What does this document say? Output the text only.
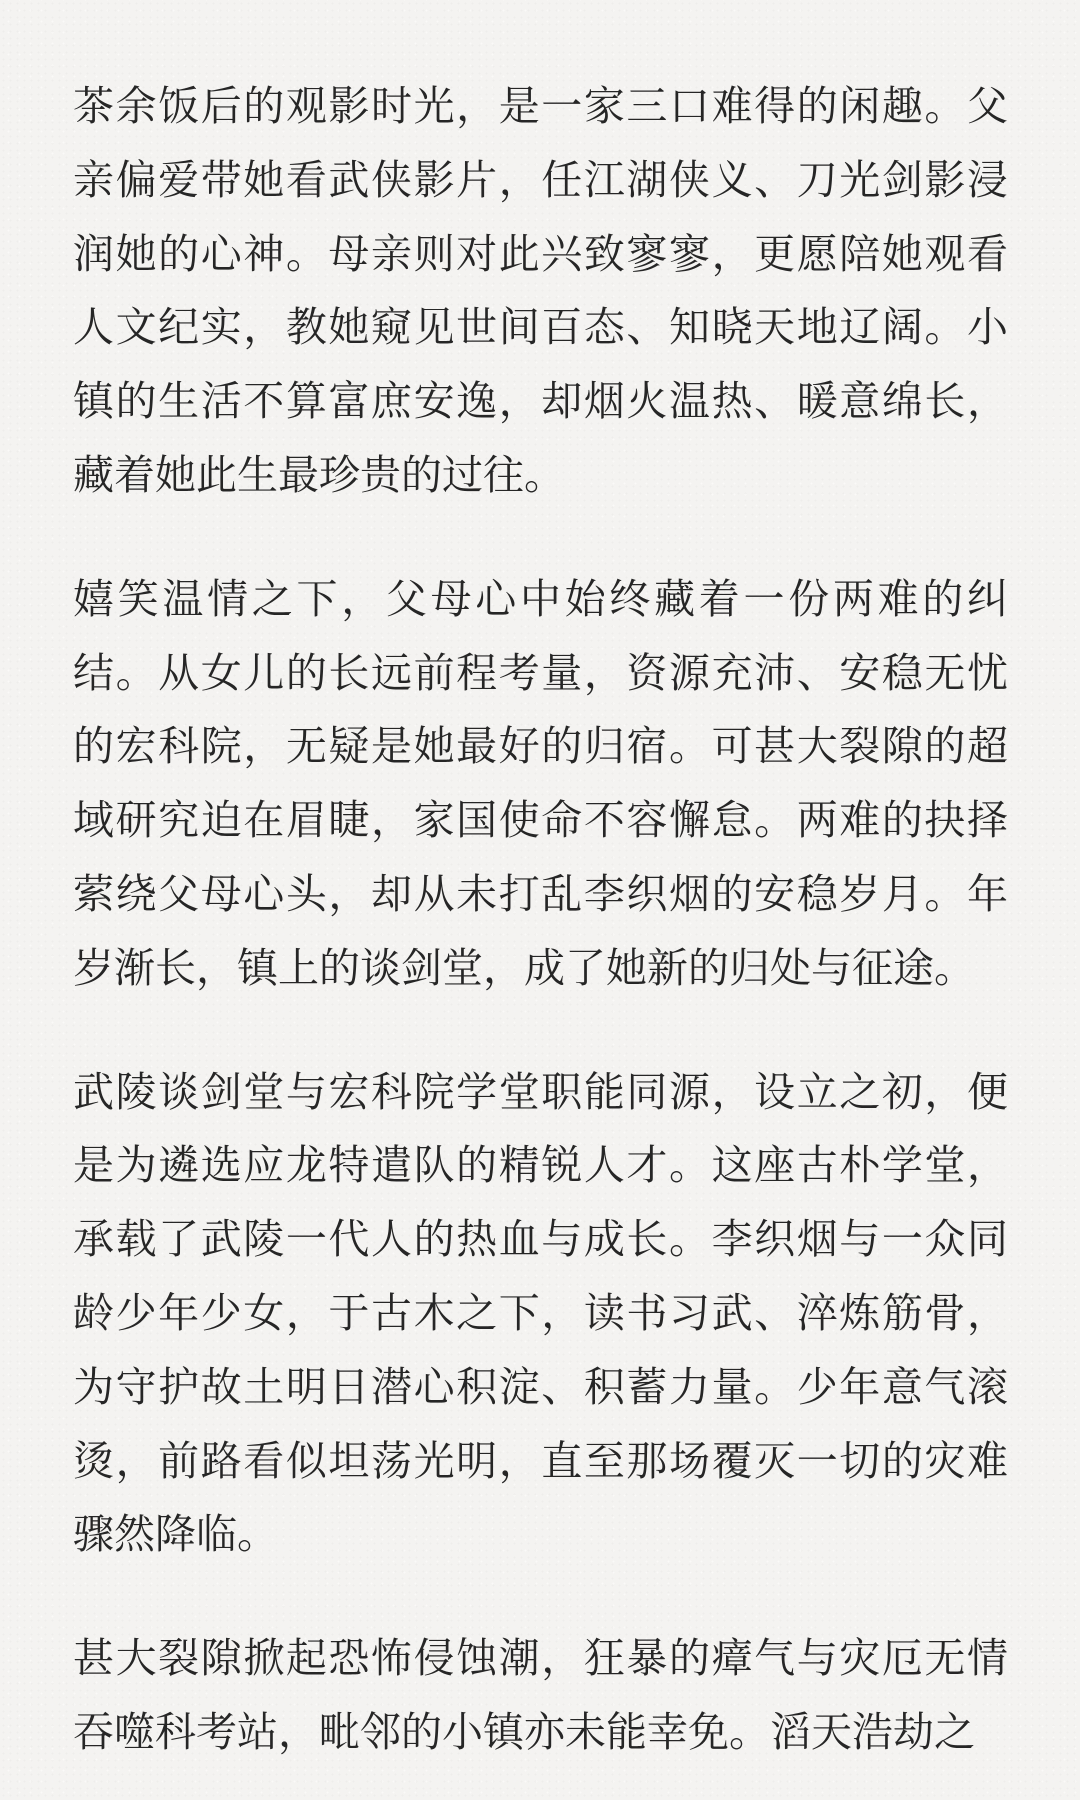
茶余饭后的观影时光，是一家三口难得的闲趣。父亲偏爱带她看武侠影片，任江湖侠义、刀光剑影浸润她的心神。母亲则对此兴致寥寥，更愿陪她观看人文纪实，教她窥见世间百态、知晓天地辽阔。小镇的生活不算富庶安逸，却烟火温热、暖意绵长，藏着她此生最珍贵的过往。

嬉笑温情之下，父母心中始终藏着一份两难的纠结。从女儿的长远前程考量，资源充沛、安稳无忧的宏科院，无疑是她最好的归宿。可甚大裂隙的超域研究迫在眉睫，家国使命不容懈怠。两难的抉择萦绕父母心头，却从未打乱李织烟的安稳岁月。年岁渐长，镇上的谈剑堂，成了她新的归处与征途。

武陵谈剑堂与宏科院学堂职能同源，设立之初，便是为遴选应龙特遣队的精锐人才。这座古朴学堂，承载了武陵一代人的热血与成长。李织烟与一众同龄少年少女，于古木之下，读书习武、淬炼筋骨，为守护故土明日潜心积淀、积蓄力量。少年意气滚烫，前路看似坦荡光明，直至那场覆灭一切的灾难骤然降临。

甚大裂隙掀起恐怖侵蚀潮，狂暴的瘴气与灾厄无情吞噬科考站，毗邻的小镇亦未能幸免。滔天浩劫之
